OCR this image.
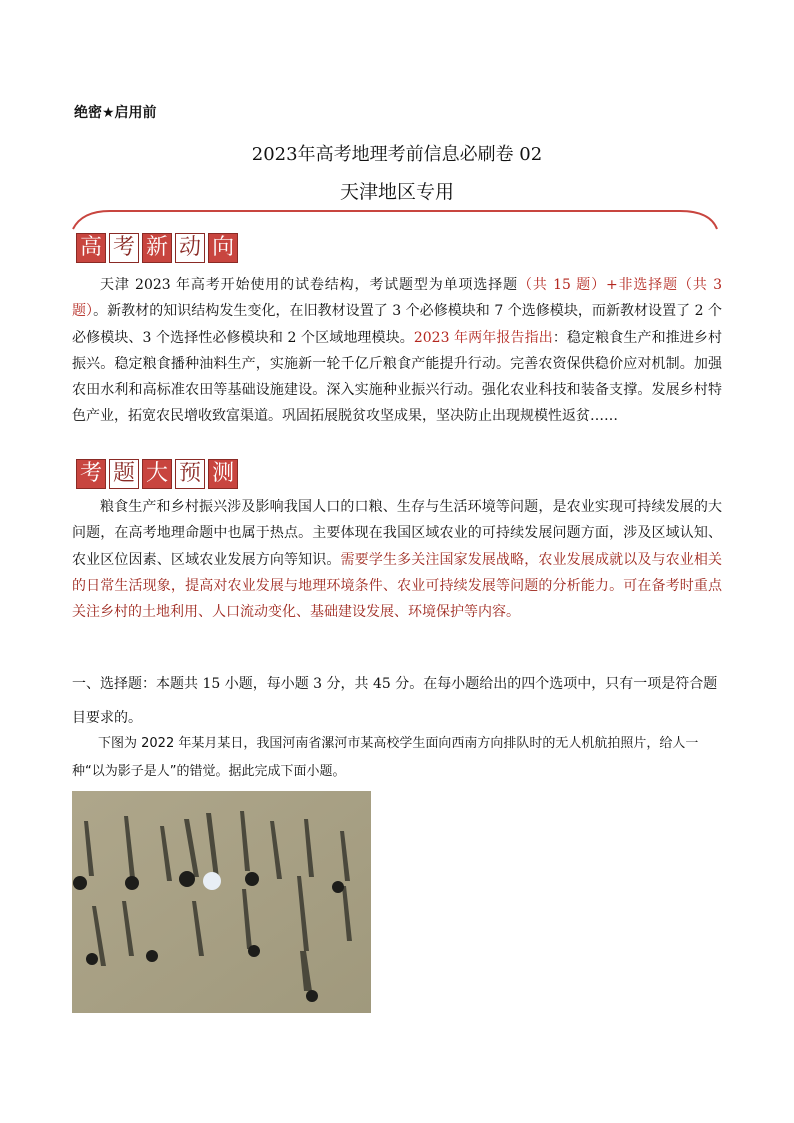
绝密★启用前
2023年高考地理考前信息必刷卷 02
天津地区专用
高 考 新 动 向
天津 2023 年高考开始使用的试卷结构，考试题型为单项选择题（共 15 题）+非选择题（共 3 题）。新教材的知识结构发生变化，在旧教材设置了 3 个必修模块和 7 个选修模块，而新教材设置了 2 个必修模块、3 个选择性必修模块和 2 个区域地理模块。2023 年两年报告指出：稳定粮食生产和推进乡村振兴。稳定粮食播种油料生产，实施新一轮千亿斤粮食产能提升行动。完善农资保供稳价应对机制。加强农田水利和高标准农田等基础设施建设。深入实施种业振兴行动。强化农业科技和装备支撑。发展乡村特色产业，拓宽农民增收致富渠道。巩固拓展脱贫攻坚成果，坚决防止出现规模性返贫……
考 题 大 预 测
粮食生产和乡村振兴涉及影响我国人口的口粮、生存与生活环境等问题，是农业实现可持续发展的大问题，在高考地理命题中也属于热点。主要体现在我国区域农业的可持续发展问题方面，涉及区域认知、农业区位因素、区域农业发展方向等知识。需要学生多关注国家发展战略，农业发展成就以及与农业相关的日常生活现象，提高对农业发展与地理环境条件、农业可持续发展等问题的分析能力。可在备考时重点关注乡村的土地利用、人口流动变化、基础建设发展、环境保护等内容。
一、选择题：本题共 15 小题，每小题 3 分，共 45 分。在每小题给出的四个选项中，只有一项是符合题目要求的。
下图为 2022 年某月某日，我国河南省漯河市某高校学生面向西南方向排队时的无人机航拍照片，给人一种“以为影子是人”的错觉。据此完成下面小题。
